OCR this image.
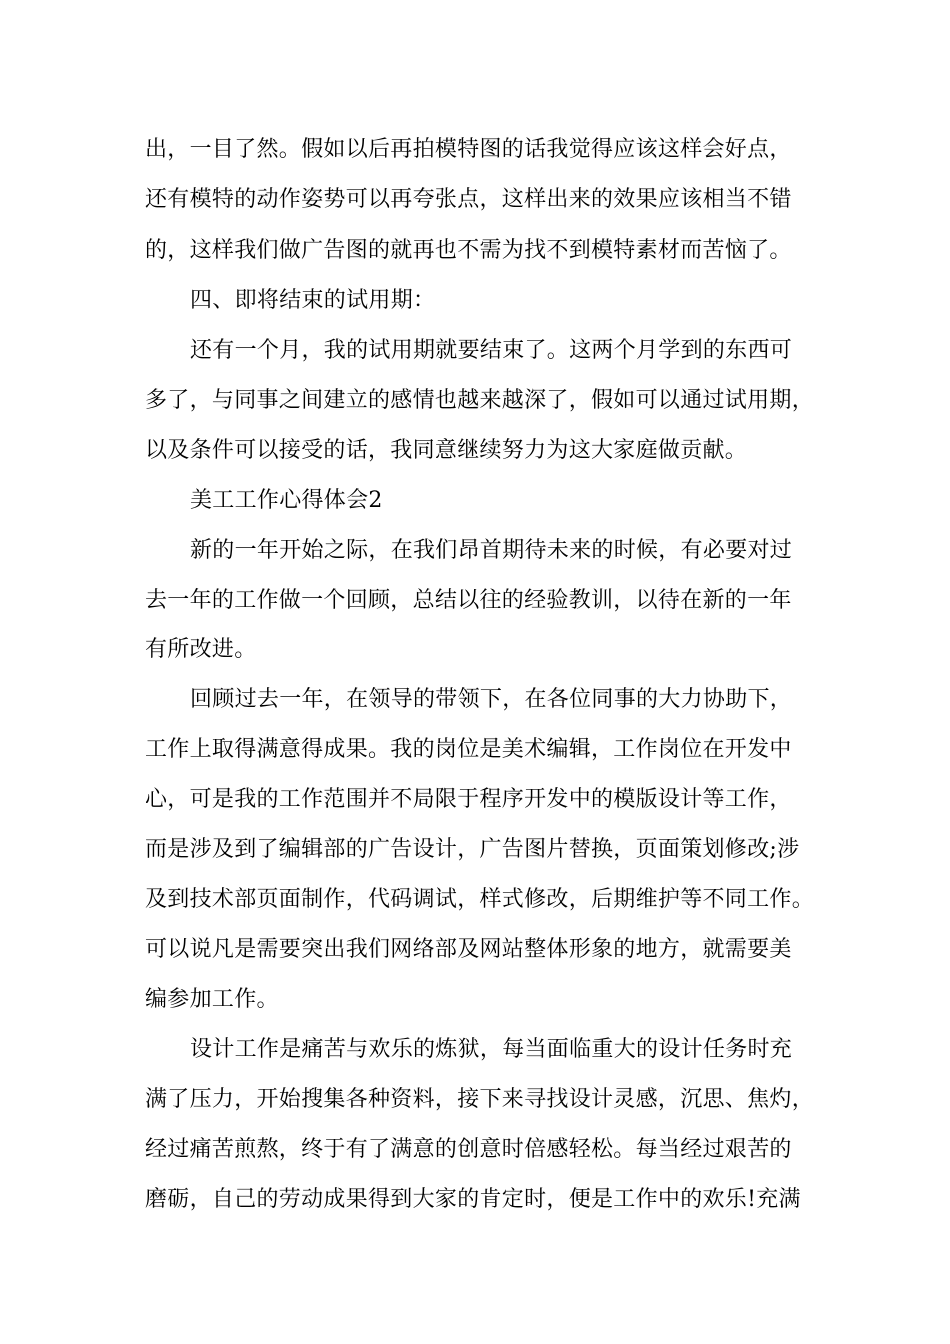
出，一目了然。假如以后再拍模特图的话我觉得应该这样会好点，
还有模特的动作姿势可以再夸张点，这样出来的效果应该相当不错
的，这样我们做广告图的就再也不需为找不到模特素材而苦恼了。
四、即将结束的试用期：
还有一个月，我的试用期就要结束了。这两个月学到的东西可
多了，与同事之间建立的感情也越来越深了，假如可以通过试用期，
以及条件可以接受的话，我同意继续努力为这大家庭做贡献。
美工工作心得体会2
新的一年开始之际，在我们昂首期待未来的时候，有必要对过
去一年的工作做一个回顾，总结以往的经验教训，以待在新的一年
有所改进。
回顾过去一年，在领导的带领下，在各位同事的大力协助下，
工作上取得满意得成果。我的岗位是美术编辑，工作岗位在开发中
心，可是我的工作范围并不局限于程序开发中的模版设计等工作，
而是涉及到了编辑部的广告设计，广告图片替换，页面策划修改;涉
及到技术部页面制作，代码调试，样式修改，后期维护等不同工作。
可以说凡是需要突出我们网络部及网站整体形象的地方，就需要美
编参加工作。
设计工作是痛苦与欢乐的炼狱，每当面临重大的设计任务时充
满了压力，开始搜集各种资料，接下来寻找设计灵感，沉思、焦灼，
经过痛苦煎熬，终于有了满意的创意时倍感轻松。每当经过艰苦的
磨砺，自己的劳动成果得到大家的肯定时，便是工作中的欢乐!充满
